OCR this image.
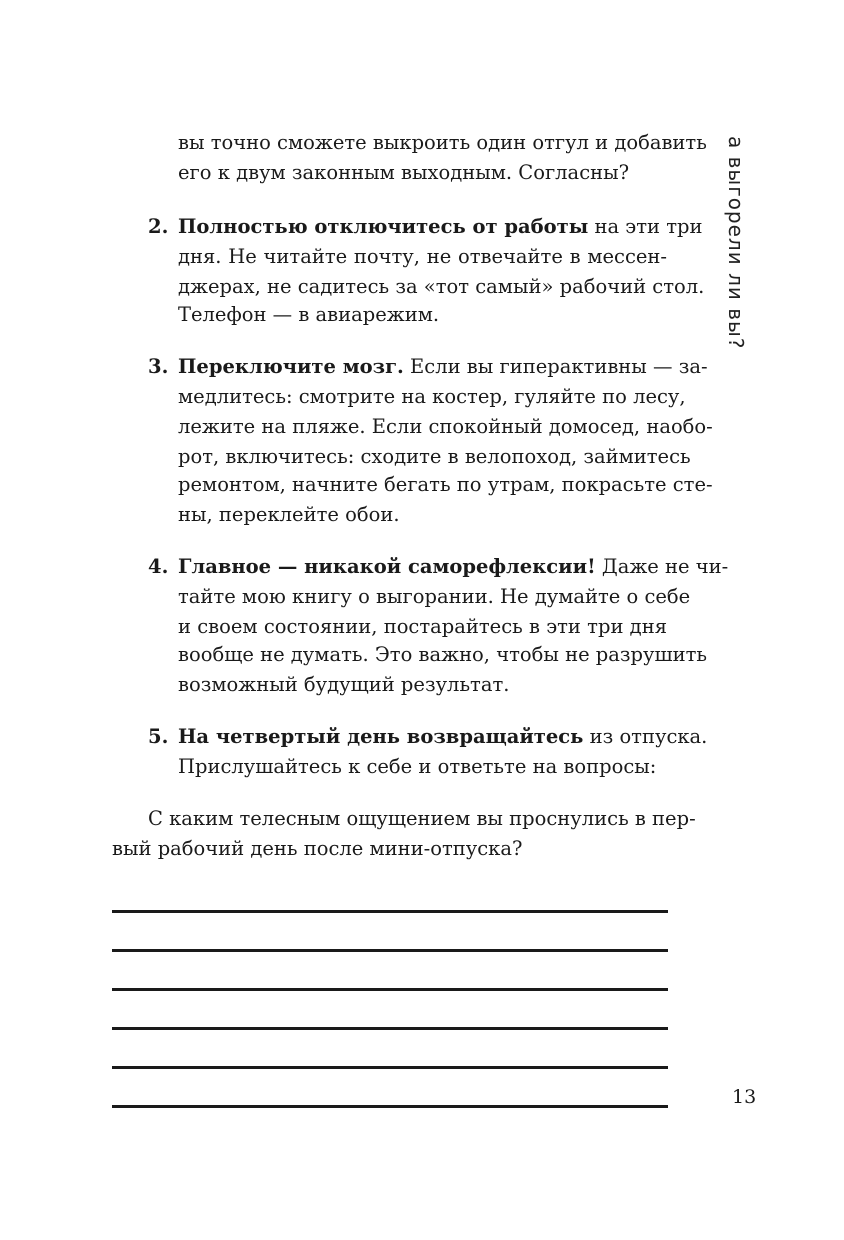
а выгорели ли вы?
вы точно сможете выкроить один отгул и добавить
его к двум законным выходным. Согласны?
2. Полностью отключитесь от работы на эти три
дня. Не читайте почту, не отвечайте в мессен-
джерах, не садитесь за «тот самый» рабочий стол.
Телефон — в авиарежим.
3. Переключите мозг. Если вы гиперактивны — за-
медлитесь: смотрите на костер, гуляйте по лесу,
лежите на пляже. Если спокойный домосед, наобо-
рот, включитесь: сходите в велопоход, займитесь
ремонтом, начните бегать по утрам, покрасьте сте-
ны, переклейте обои.
4. Главное — никакой саморефлексии! Даже не чи-
тайте мою книгу о выгорании. Не думайте о себе
и своем состоянии, постарайтесь в эти три дня
вообще не думать. Это важно, чтобы не разрушить
возможный будущий результат.
5. На четвертый день возвращайтесь из отпуска.
Прислушайтесь к себе и ответьте на вопросы:
С каким телесным ощущением вы проснулись в пер-
вый рабочий день после мини-отпуска?
13
